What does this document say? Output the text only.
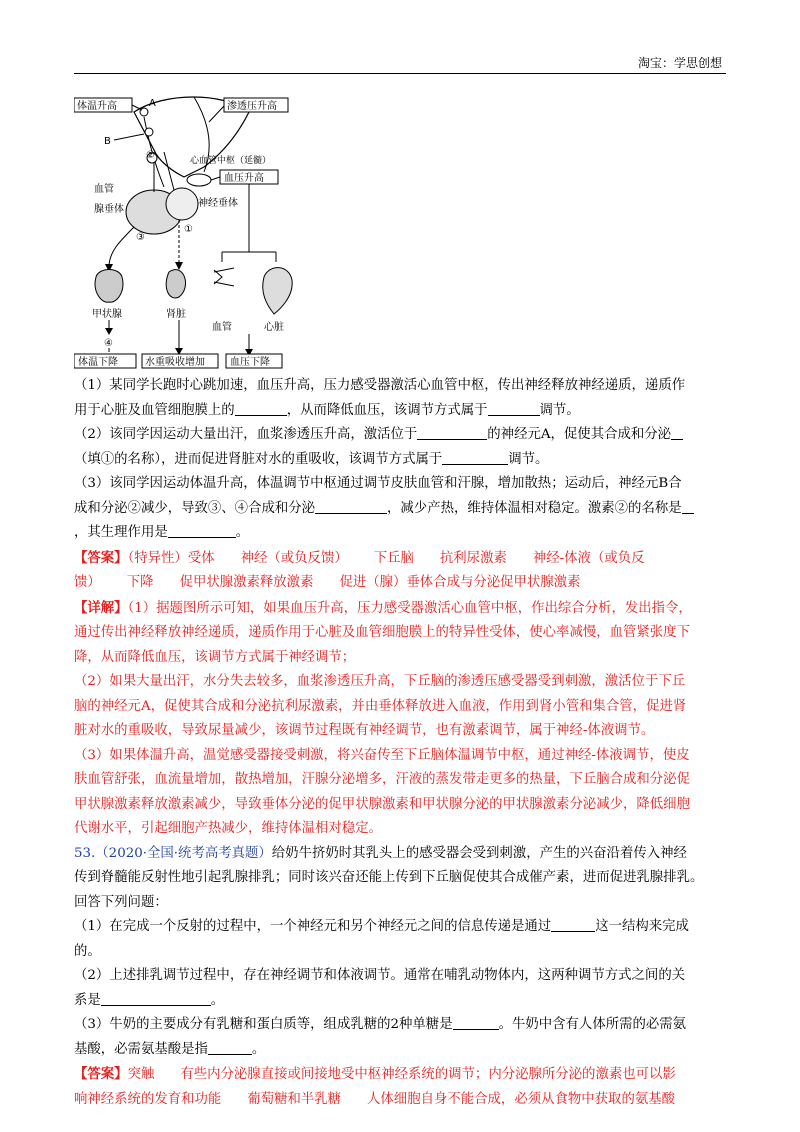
淘宝：学思创想
体温升高	A
B
渗透压升高
心血管中枢（延髓）
血压升高
血管
腺垂体
神经垂体
②
③
①
甲状腺	肾脏
血管	心脏
④
体温下降	水重吸收增加	血压下降
（1）某同学长跑时心跳加速，血压升高，压力感受器激活心血管中枢，传出神经释放神经递质，递质作
用于心脏及血管细胞膜上的	，从而降低血压，该调节方式属于	调节。
（2）该同学因运动大量出汗，血浆渗透压升高，激活位于	的神经元A，促使其合成和分泌
（填①的名称），进而促进肾脏对水的重吸收，该调节方式属于	调节。
（3）该同学因运动体温升高，体温调节中枢通过调节皮肤血管和汗腺，增加散热；运动后，神经元B合
成和分泌②减少，导致③、④合成和分泌	，减少产热，维持体温相对稳定。激素②的名称是
，其生理作用是	。
【答案】（特异性）受体 神经（或负反馈） 下丘脑 抗利尿激素 神经-体液（或负反
馈） 下降 促甲状腺激素释放激素 促进（腺）垂体合成与分泌促甲状腺激素
【详解】（1）据题图所示可知，如果血压升高，压力感受器激活心血管中枢，作出综合分析，发出指令，
通过传出神经释放神经递质，递质作用于心脏及血管细胞膜上的特异性受体，使心率减慢，血管紧张度下
降，从而降低血压，该调节方式属于神经调节；
（2）如果大量出汗，水分失去较多，血浆渗透压升高，下丘脑的渗透压感受器受到刺激，激活位于下丘
脑的神经元A，促使其合成和分泌抗利尿激素，并由垂体释放进入血液，作用到肾小管和集合管，促进肾
脏对水的重吸收，导致尿量减少，该调节过程既有神经调节，也有激素调节，属于神经-体液调节。
（3）如果体温升高，温觉感受器接受刺激，将兴奋传至下丘脑体温调节中枢，通过神经-体液调节，使皮
肤血管舒张，血流量增加，散热增加，汗腺分泌增多，汗液的蒸发带走更多的热量，下丘脑合成和分泌促
甲状腺激素释放激素减少，导致垂体分泌的促甲状腺激素和甲状腺分泌的甲状腺激素分泌减少，降低细胞
代谢水平，引起细胞产热减少，维持体温相对稳定。
53.（2020·全国·统考高考真题）给奶牛挤奶时其乳头上的感受器会受到刺激，产生的兴奋沿着传入神经
传到脊髓能反射性地引起乳腺排乳；同时该兴奋还能上传到下丘脑促使其合成催产素，进而促进乳腺排乳。
回答下列问题：
（1）在完成一个反射的过程中，一个神经元和另个神经元之间的信息传递是通过	这一结构来完成
的。
（2）上述排乳调节过程中，存在神经调节和体液调节。通常在哺乳动物体内，这两种调节方式之间的关
系是	。
（3）牛奶的主要成分有乳糖和蛋白质等，组成乳糖的2种单糖是	。牛奶中含有人体所需的必需氨
基酸，必需氨基酸是指	。
【答案】突触 有些内分泌腺直接或间接地受中枢神经系统的调节；内分泌腺所分泌的激素也可以影
响神经系统的发育和功能 葡萄糖和半乳糖 人体细胞自身不能合成，必须从食物中获取的氨基酸
